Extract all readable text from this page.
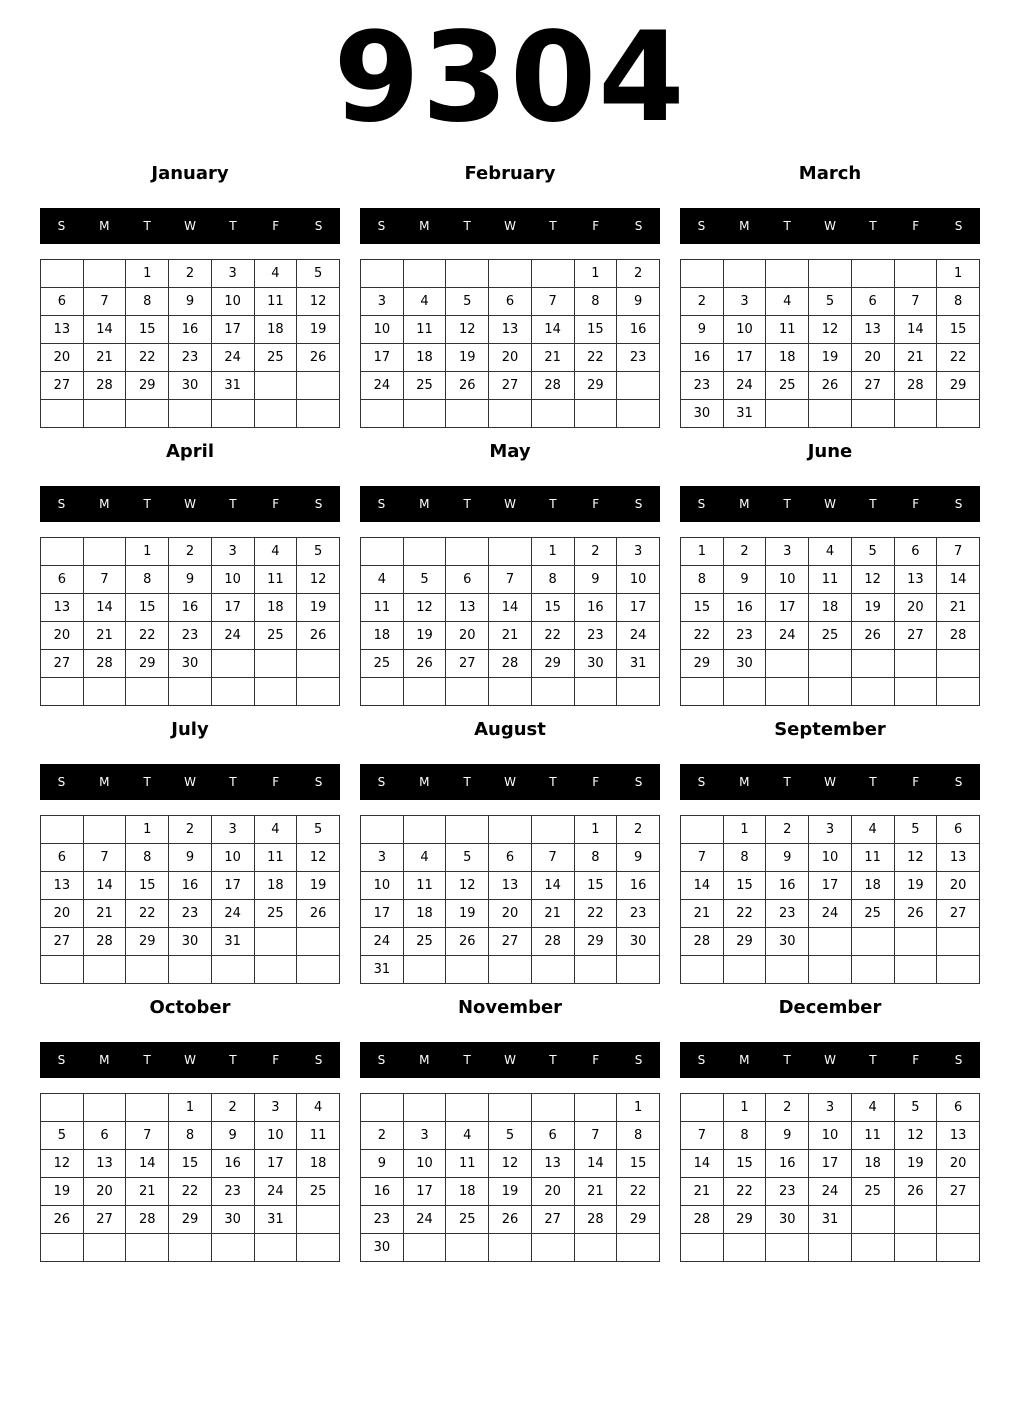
9304
January
S	M	T	W	T	F	S
		1	2	3	4	5
6	7	8	9	10	11	12
13	14	15	16	17	18	19
20	21	22	23	24	25	26
27	28	29	30	31		

February
S	M	T	W	T	F	S
					1	2
3	4	5	6	7	8	9
10	11	12	13	14	15	16
17	18	19	20	21	22	23
24	25	26	27	28	29	

March
S	M	T	W	T	F	S
						1
2	3	4	5	6	7	8
9	10	11	12	13	14	15
16	17	18	19	20	21	22
23	24	25	26	27	28	29
30	31					
April
S	M	T	W	T	F	S
		1	2	3	4	5
6	7	8	9	10	11	12
13	14	15	16	17	18	19
20	21	22	23	24	25	26
27	28	29	30			

May
S	M	T	W	T	F	S
				1	2	3
4	5	6	7	8	9	10
11	12	13	14	15	16	17
18	19	20	21	22	23	24
25	26	27	28	29	30	31

June
S	M	T	W	T	F	S
1	2	3	4	5	6	7
8	9	10	11	12	13	14
15	16	17	18	19	20	21
22	23	24	25	26	27	28
29	30					

July
S	M	T	W	T	F	S
		1	2	3	4	5
6	7	8	9	10	11	12
13	14	15	16	17	18	19
20	21	22	23	24	25	26
27	28	29	30	31		

August
S	M	T	W	T	F	S
					1	2
3	4	5	6	7	8	9
10	11	12	13	14	15	16
17	18	19	20	21	22	23
24	25	26	27	28	29	30
31						
September
S	M	T	W	T	F	S
	1	2	3	4	5	6
7	8	9	10	11	12	13
14	15	16	17	18	19	20
21	22	23	24	25	26	27
28	29	30				

October
S	M	T	W	T	F	S
			1	2	3	4
5	6	7	8	9	10	11
12	13	14	15	16	17	18
19	20	21	22	23	24	25
26	27	28	29	30	31	

November
S	M	T	W	T	F	S
						1
2	3	4	5	6	7	8
9	10	11	12	13	14	15
16	17	18	19	20	21	22
23	24	25	26	27	28	29
30						
December
S	M	T	W	T	F	S
	1	2	3	4	5	6
7	8	9	10	11	12	13
14	15	16	17	18	19	20
21	22	23	24	25	26	27
28	29	30	31			
